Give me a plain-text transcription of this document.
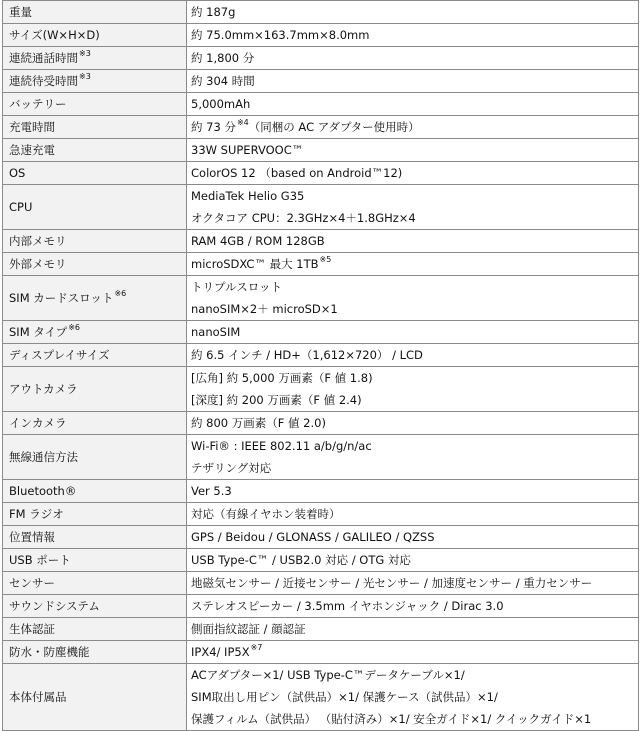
重量	約 187g

サイズ(W×H×D)	約 75.0mm×163.7mm×8.0mm

連続通話時間$^{※3}$	約 1,800 分

連続待受時間$^{※3}$	約 304 時間

バッテリー	5,000mAh

充電時間	約 73 分$^{※4}$（同梱の AC アダプター使用時）

急速充電	33W SUPERVOOC™

OS	ColorOS 12 （based on Android™12)

CPU	MediaTek Helio G35
オクタコア CPU：2.3GHz×4＋1.8GHz×4

内部メモリ	RAM 4GB / ROM 128GB

外部メモリ	microSDXC™ 最大 1TB$^{※5}$

SIM カードスロット$^{※6}$	トリプルスロット
nanoSIM×2＋ microSD×1

SIM タイプ$^{※6}$	nanoSIM

ディスプレイサイズ	約 6.5 インチ / HD+（1,612×720） / LCD

アウトカメラ	[広角] 約 5,000 万画素（F 値 1.8)
[深度] 約 200 万画素（F 値 2.4)

インカメラ	約 800 万画素（F 値 2.0)

無線通信方法	Wi-Fi® : IEEE 802.11 a/b/g/n/ac
テザリング対応

Bluetooth®	Ver 5.3

FM ラジオ	対応（有線イヤホン装着時）

位置情報	GPS / Beidou / GLONASS / GALILEO / QZSS

USB ポート	USB Type-C™ / USB2.0 対応 / OTG 対応

センサー	地磁気センサー / 近接センサー / 光センサー / 加速度センサー / 重力センサー

サウンドシステム	ステレオスピーカー / 3.5mm イヤホンジャック / Dirac 3.0

生体認証	側面指紋認証 / 顔認証

防水・防塵機能	IPX4/ $IP5X^{※7}$

本体付属品	ACアダプター×1/ USB Type-C™データケーブル×1/
SIM取出し用ピン（試供品）×1/ 保護ケース（試供品）×1/
保護フィルム（試供品） （貼付済み）×1/ 安全ガイド×1/ クイックガイド×1
